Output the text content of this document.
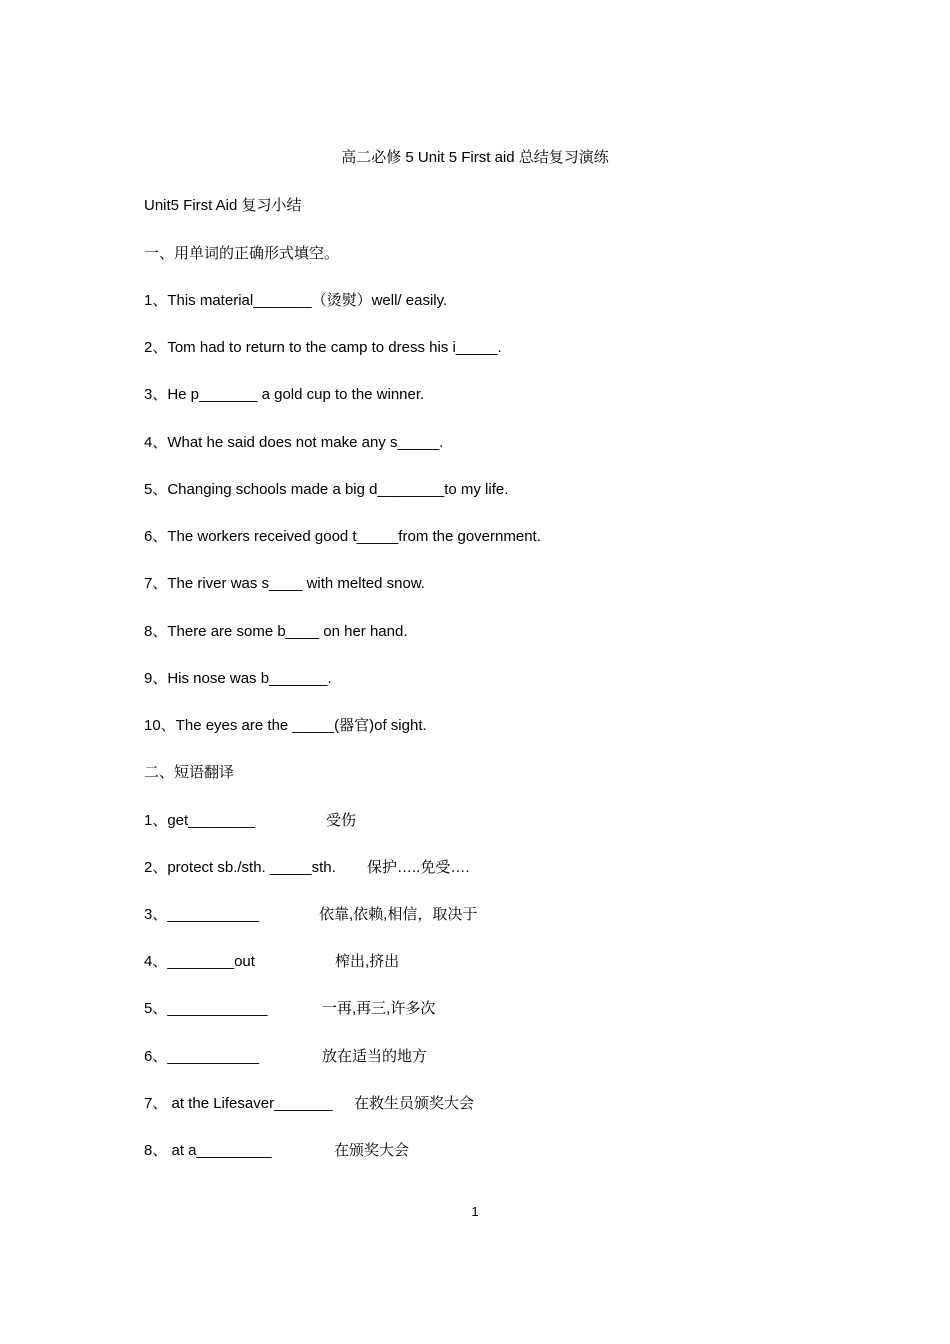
高二必修 5 Unit 5 First aid 总结复习演练
Unit5 First Aid 复习小结
一、用单词的正确形式填空。
1、This material_______（烫熨）well/ easily.
2、Tom had to return to the camp to dress his i_____.
3、He p_______ a gold cup to the winner.
4、What he said does not make any s_____.
5、Changing schools made a big d________to my life.
6、The workers received good t_____from the government.
7、The river was s____ with melted snow.
8、There are some b____ on her hand.
9、His nose was b_______.
10、The eyes are the _____(器官)of sight.
二、短语翻译
1、get________	受伤
2、protect sb./sth. _____sth. 保护…..免受….
3、___________	依靠,依赖,相信，取决于
4、________out	榨出,挤出
5、____________	一再,再三,许多次
6、___________	放在适当的地方
7、 at the Lifesaver_______ 在救生员颁奖大会
8、 at a_________	在颁奖大会
1
